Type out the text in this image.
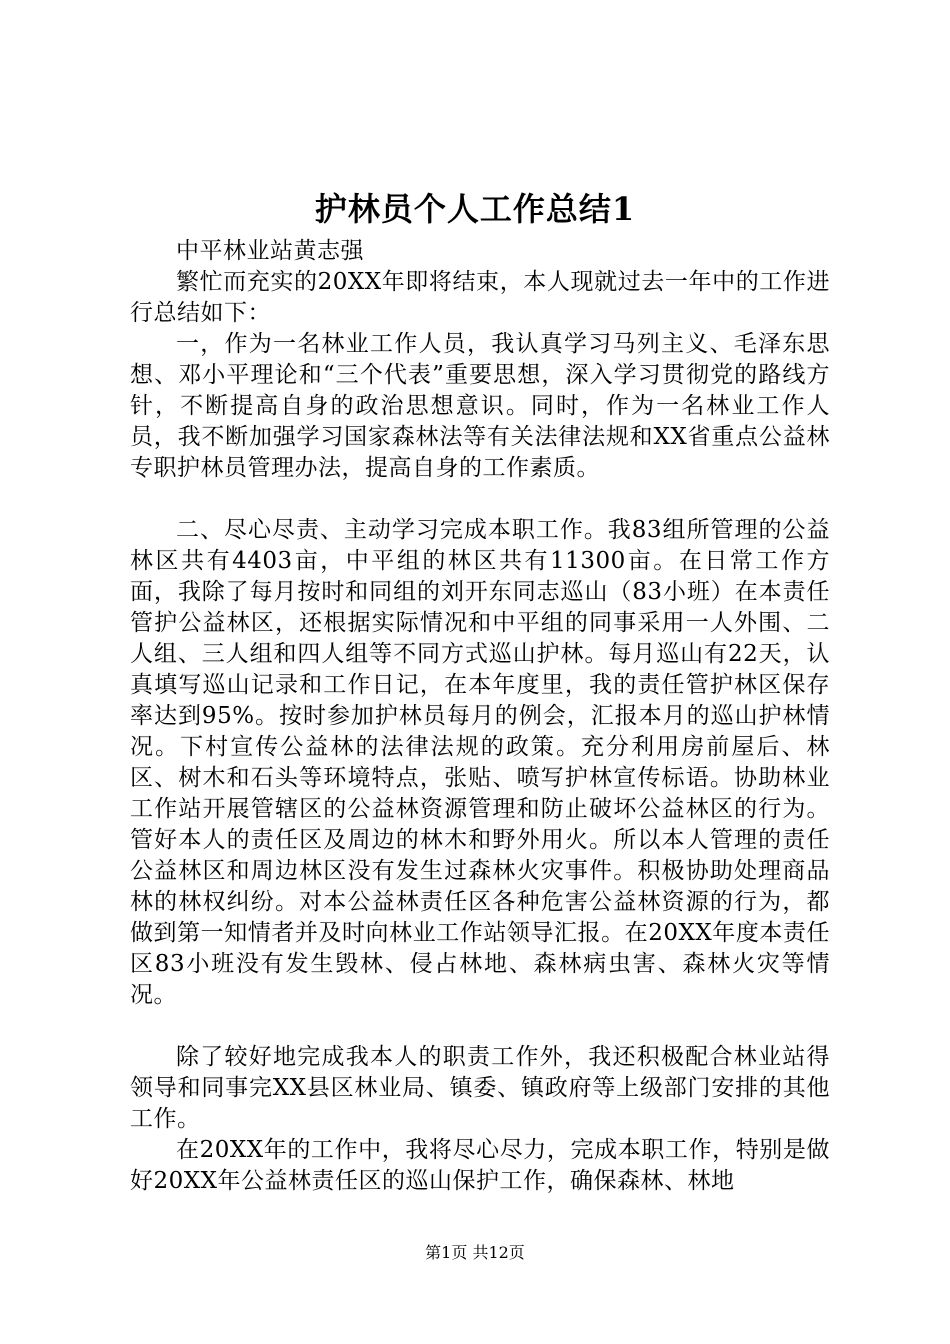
护林员个人工作总结1

中平林业站黄志强

繁忙而充实的20XX年即将结束，本人现就过去一年中的工作进行总结如下：

一，作为一名林业工作人员，我认真学习马列主义、毛泽东思想、邓小平理论和“三个代表”重要思想，深入学习贯彻党的路线方针，不断提高自身的政治思想意识。同时，作为一名林业工作人员，我不断加强学习国家森林法等有关法律法规和XX省重点公益林专职护林员管理办法，提高自身的工作素质。

二、尽心尽责、主动学习完成本职工作。我83组所管理的公益林区共有4403亩，中平组的林区共有11300亩。在日常工作方面，我除了每月按时和同组的刘开东同志巡山（83小班）在本责任管护公益林区，还根据实际情况和中平组的同事采用一人外围、二人组、三人组和四人组等不同方式巡山护林。每月巡山有22天，认真填写巡山记录和工作日记，在本年度里，我的责任管护林区保存率达到95%。按时参加护林员每月的例会，汇报本月的巡山护林情况。下村宣传公益林的法律法规的政策。充分利用房前屋后、林区、树木和石头等环境特点，张贴、喷写护林宣传标语。协助林业工作站开展管辖区的公益林资源管理和防止破坏公益林区的行为。管好本人的责任区及周边的林木和野外用火。所以本人管理的责任公益林区和周边林区没有发生过森林火灾事件。积极协助处理商品林的林权纠纷。对本公益林责任区各种危害公益林资源的行为，都做到第一知情者并及时向林业工作站领导汇报。在20XX年度本责任区83小班没有发生毁林、侵占林地、森林病虫害、森林火灾等情况。

除了较好地完成我本人的职责工作外，我还积极配合林业站得领导和同事完XX县区林业局、镇委、镇政府等上级部门安排的其他工作。

在20XX年的工作中，我将尽心尽力，完成本职工作，特别是做好20XX年公益林责任区的巡山保护工作，确保森林、林地

第1页 共12页
